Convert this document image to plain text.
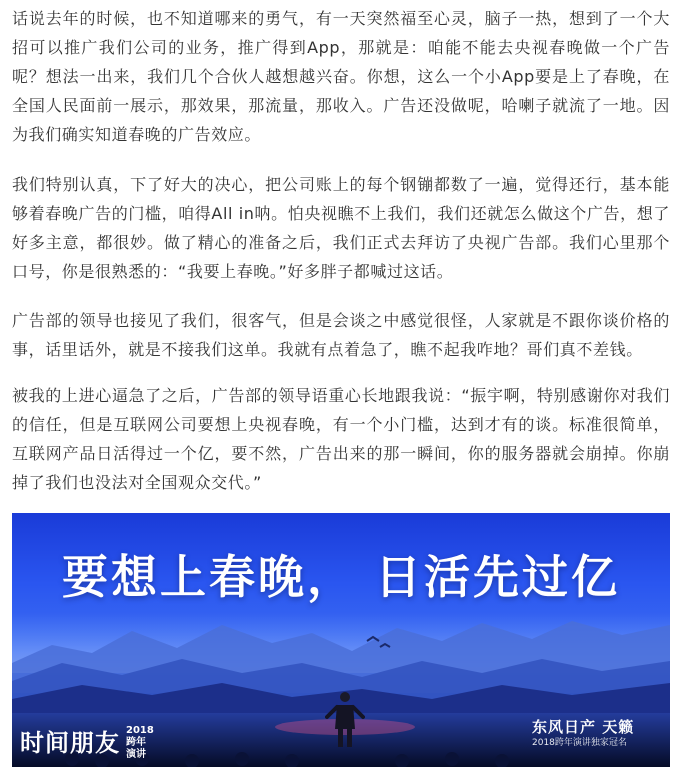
话说去年的时候，也不知道哪来的勇气，有一天突然福至心灵，脑子一热，想到了一个大招可以推广我们公司的业务，推广得到App，那就是：咱能不能去央视春晚做一个广告呢？想法一出来，我们几个合伙人越想越兴奋。你想，这么一个小App要是上了春晚，在全国人民面前一展示，那效果，那流量，那收入。广告还没做呢，哈喇子就流了一地。因为我们确实知道春晚的广告效应。

我们特别认真，下了好大的决心，把公司账上的每个钢镚都数了一遍，觉得还行，基本能够着春晚广告的门槛，咱得All in呐。怕央视瞧不上我们，我们还就怎么做这个广告，想了好多主意，都很妙。做了精心的准备之后，我们正式去拜访了央视广告部。我们心里那个口号，你是很熟悉的：“我要上春晚。”好多胖子都喊过这话。

广告部的领导也接见了我们，很客气，但是会谈之中感觉很怪，人家就是不跟你谈价格的事，话里话外，就是不接我们这单。我就有点着急了，瞧不起我咋地？哥们真不差钱。

被我的上进心逼急了之后，广告部的领导语重心长地跟我说：“振宇啊，特别感谢你对我们的信任，但是互联网公司要想上央视春晚，有一个小门槛，达到才有的谈。标准很简单，互联网产品日活得过一个亿，要不然，广告出来的那一瞬间，你的服务器就会崩掉。你崩掉了我们也没法对全国观众交代。”

要想上春晚， 日活先过亿
时间朋友 2018
跨年
演讲
东风日产 天籁
2018跨年演讲独家冠名
